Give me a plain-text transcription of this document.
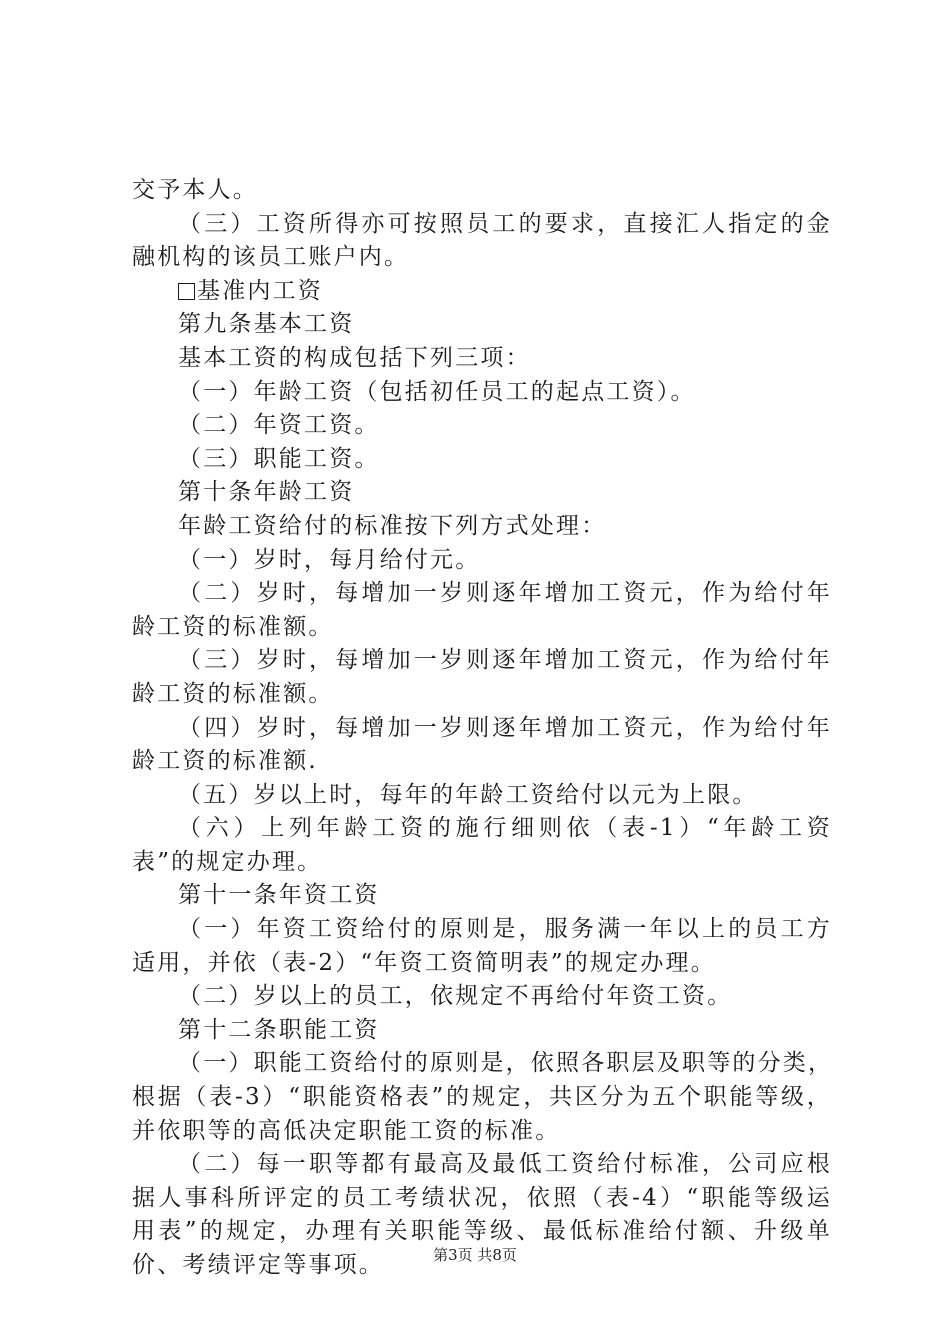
交予本人。
（三）工资所得亦可按照员工的要求，直接汇人指定的金
融机构的该员工账户内。
基准内工资
第九条基本工资
基本工资的构成包括下列三项：
（一）年龄工资（包括初任员工的起点工资）。
（二）年资工资。
（三）职能工资。
第十条年龄工资
年龄工资给付的标准按下列方式处理：
（一）岁时，每月给付元。
（二）岁时，每增加一岁则逐年增加工资元，作为给付年
龄工资的标准额。
（三）岁时，每增加一岁则逐年增加工资元，作为给付年
龄工资的标准额。
（四）岁时，每增加一岁则逐年增加工资元，作为给付年
龄工资的标准额.
（五）岁以上时，每年的年龄工资给付以元为上限。
（六）上列年龄工资的施行细则依（表-1）“年龄工资
表”的规定办理。
第十一条年资工资
（一）年资工资给付的原则是，服务满一年以上的员工方
适用，并依（表-2）“年资工资简明表”的规定办理。
（二）岁以上的员工，依规定不再给付年资工资。
第十二条职能工资
（一）职能工资给付的原则是，依照各职层及职等的分类，
根据（表-3）“职能资格表”的规定，共区分为五个职能等级，
并依职等的高低决定职能工资的标准。
（二）每一职等都有最高及最低工资给付标准，公司应根
据人事科所评定的员工考绩状况，依照（表-4）“职能等级运
用表”的规定，办理有关职能等级、最低标准给付额、升级单
价、考绩评定等事项。	第3页 共8页
